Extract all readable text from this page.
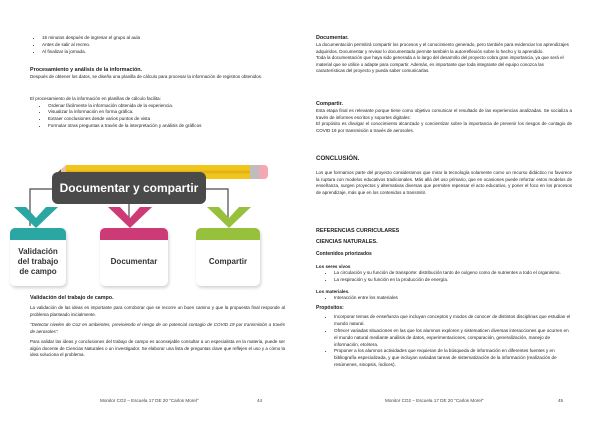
• 15 minutos después de ingresar el grupo al aula
• Antes de salir al recreo.
• Al finalizar la jornada.

Procesamiento y análisis de la información.

Después de obtener los datos, se diseña una planilla de cálculo para procesar la información de registros obtenidos.

El procesamiento de la información en planillas de cálculo facilita:

• Ordenar fácilmente la información obtenida de la experiencia.
• Visualizar la información en forma gráfica.
• Extraer conclusiones desde varios puntos de vista
• Formular otras preguntas a través de la interpretación y análisis de gráficos
Documentar y compartir
Validación del trabajo de campo
Documentar	Compartir

Validación del trabajo de campo.

La validación de las ideas es importante para corroborar que se recorre un buen camino y que la propuesta final responde al problema planteado inicialmente.

"Detectar niveles de Co2 en ambientes, previniendo el riesgo de un potencial contagio de COVID 19 por transmisión a través de aerosoles".

Para validar las ideas y conclusiones del trabajo de campo es aconsejable consultar a un especialista en la materia, puede ser algún docente de Ciencias Naturales o un investigador. Se elaborar una lista de preguntas clave que reflejen el uso y a cómo la idea soluciona el problema.

Monitor CO2 – Escuela 17 DE 20 "Carlos Morel"	44

Documentar.

La documentación permitirá compartir los procesos y el conocimiento generado, pero también para evidenciar los aprendizajes adquiridos. Documentar y revisar lo documentado permite también la autorreflexión sobre lo hecho y lo aprendido.

Toda la documentación que haya sido generada a lo largo del desarrollo del proyecto cobra gran importancia, ya que será el material que se utilice o adapte para compartir. Además, es importante que toda integrante del equipo conozca las características del proyecto y pueda saber comunicarlas.

Compartir.

Esta etapa final es relevante porque tiene como objetivo comunicar el resultado de las experiencias analizadas. Se socializa a través de informes escritos y soportes digitales:

El propósito es divulgar el conocimiento alcanzado y concientizar sobre la importancia de prevenir los riesgos de contagio de COVID 19 por transmisión a través de aerosoles.

CONCLUSIÓN.

Los que formamos parte del proyecto consideramos que mirar la tecnología solamente como un recurso didáctico no favorece la ruptura con modelos educativos tradicionales. Más allá del uso primario, que en ocasiones puede reforzar estos modelos de enseñanza, surgen proyectos y alternativas diversas que permiten repensar el acto educativo, y poner el foco en los procesos de aprendizaje, más que en los contenidos a transmitir.

REFERENCIAS CURRICULARES

CIENCIAS NATURALES.

Contenidos priorizados

Los seres vivos

• La circulación y su función de transporte: distribución tanto de oxígeno como de nutrientes a todo el organismo.
• La respiración y su función en la producción de energía.

Los materiales.

• Interacción entre los materiales

Propósitos:

• Incorporar temas de enseñanza que incluyan conceptos y modos de conocer de distintos disciplinas que estudian el mundo natural.
• Ofrecer variadas situaciones en las que los alumnos exploren y sistematicen diversas interacciones que ocurren en el mundo natural mediante análisis de datos, experimentaciones, comparación, generalización, manejo de información, etcétera.
• Proponer a los alumnos actividades que requieran de la búsqueda de información en diferentes fuentes y en bibliografía especializada, y que incluyan variadas tareas de sistematización de la información (realización de resúmenes, sinopsis, índices).
Monitor CO2 – Escuela 17 DE 20 "Carlos Morel"	45
